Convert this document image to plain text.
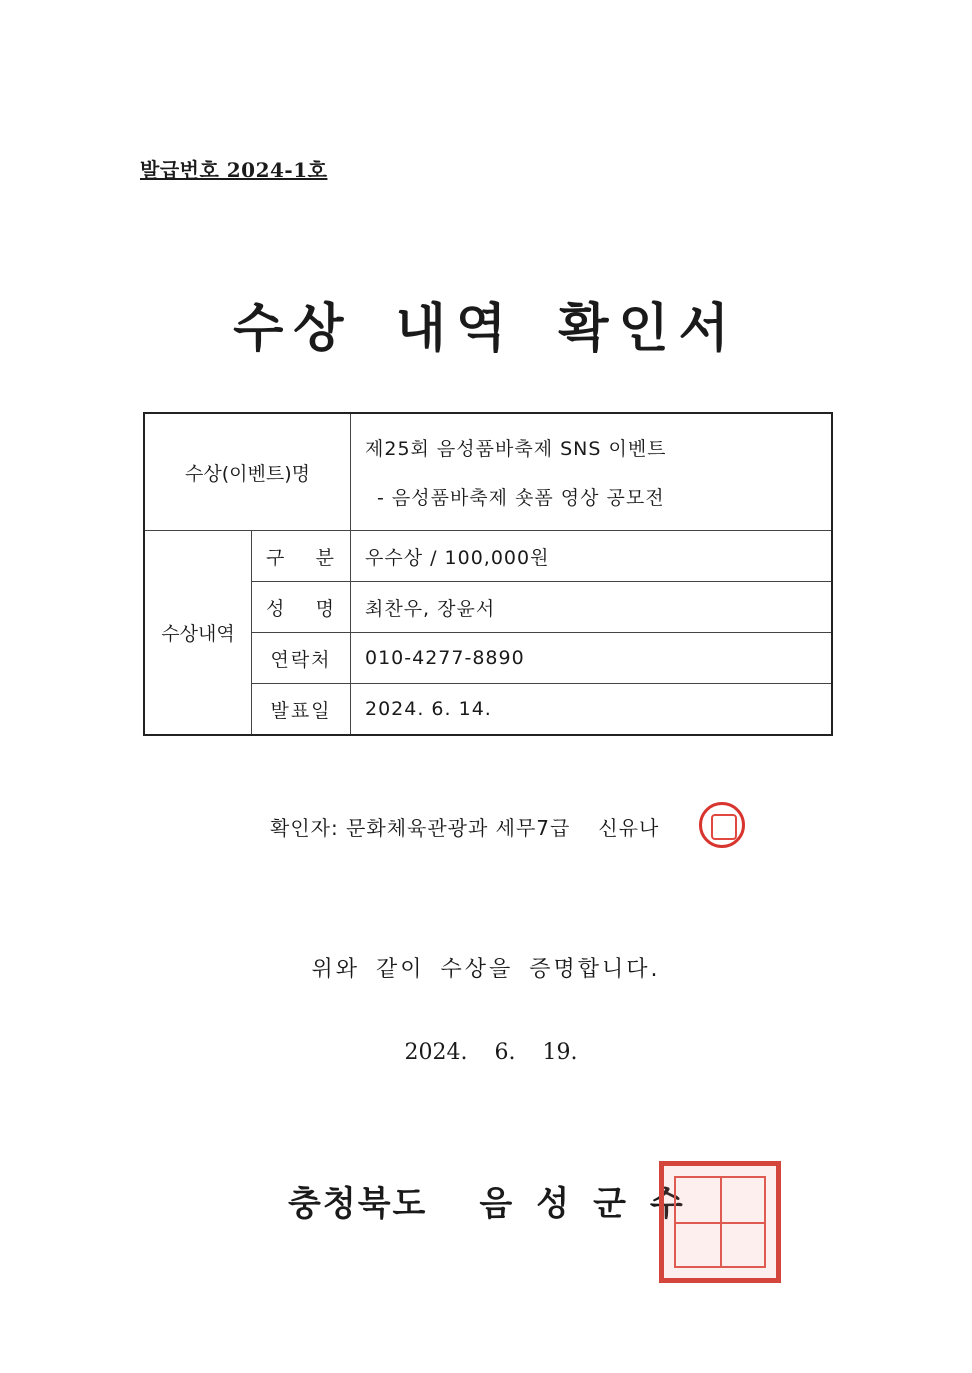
발급번호 2024-1호
수상 내역 확인서
수상(이벤트)명		제25회 음성품바축제 SNS 이벤트
- 음성품바축제 숏폼 영상 공모전

수상내역	구 분	우수상 / 100,000원

	성 명	최찬우, 장윤서
	연락처	010-4277-8890
	발표일	2024. 6. 14.
확인자: 문화체육관광과 세무7급 신유나
위와 같이 수상을 증명합니다.
2024. 6. 19.
충청북도 음성군수
